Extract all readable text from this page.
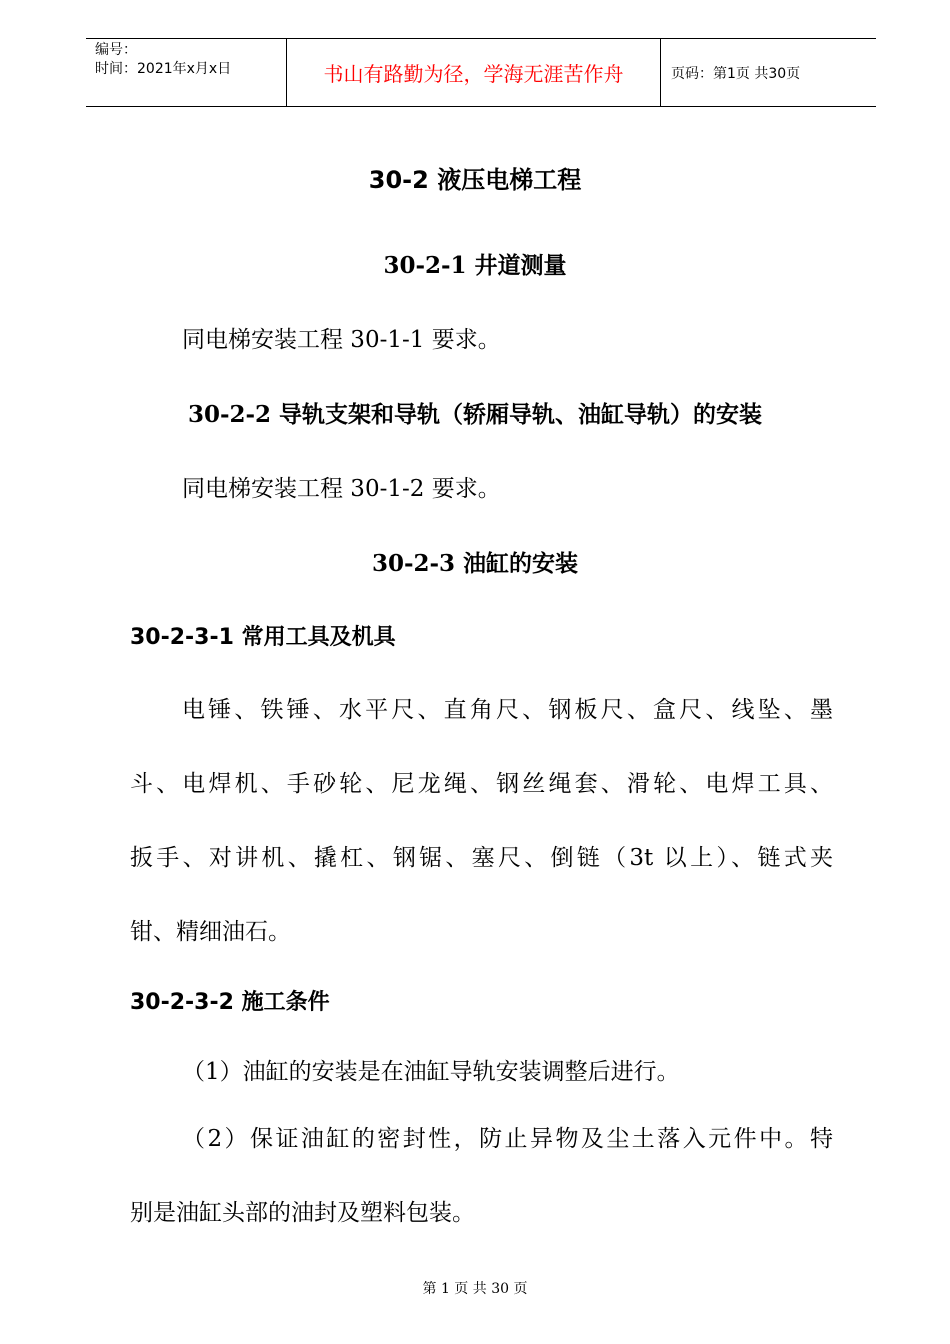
编号：
时间：2021年x月x日	书山有路勤为径，学海无涯苦作舟	页码：第1页 共30页
30-2 液压电梯工程
30-2-1 井道测量
同电梯安装工程 30-1-1 要求。
30-2-2 导轨支架和导轨（轿厢导轨、油缸导轨）的安装
同电梯安装工程 30-1-2 要求。
30-2-3 油缸的安装
30-2-3-1 常用工具及机具
电锤、铁锤、水平尺、直角尺、钢板尺、盒尺、线坠、墨
斗、电焊机、手砂轮、尼龙绳、钢丝绳套、滑轮、电焊工具、
扳手、对讲机、撬杠、钢锯、塞尺、倒链（3t 以上）、链式夹
钳、精细油石。
30-2-3-2 施工条件
（1）油缸的安装是在油缸导轨安装调整后进行。
（2）保证油缸的密封性，防止异物及尘土落入元件中。特
别是油缸头部的油封及塑料包装。
第 1 页 共 30 页
